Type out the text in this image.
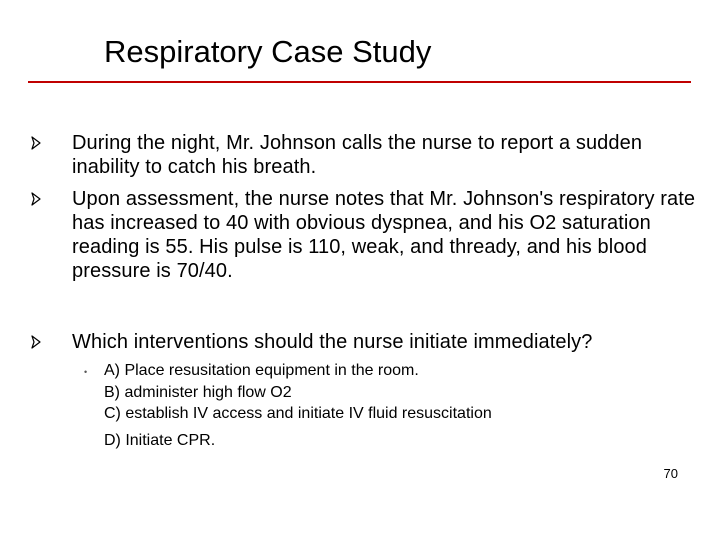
Respiratory Case Study
During the night, Mr. Johnson calls the nurse to report a sudden inability to catch his breath.
Upon assessment, the nurse notes that Mr. Johnson's respiratory rate has increased to 40 with obvious dyspnea, and his O2 saturation reading is 55. His pulse is 110, weak, and thready, and his blood pressure is 70/40.
Which interventions should the nurse initiate immediately?
• A) Place resusitation equipment in the room.
B) administer high flow O2
C) establish IV access and initiate IV fluid resuscitation
D) Initiate CPR.
70
